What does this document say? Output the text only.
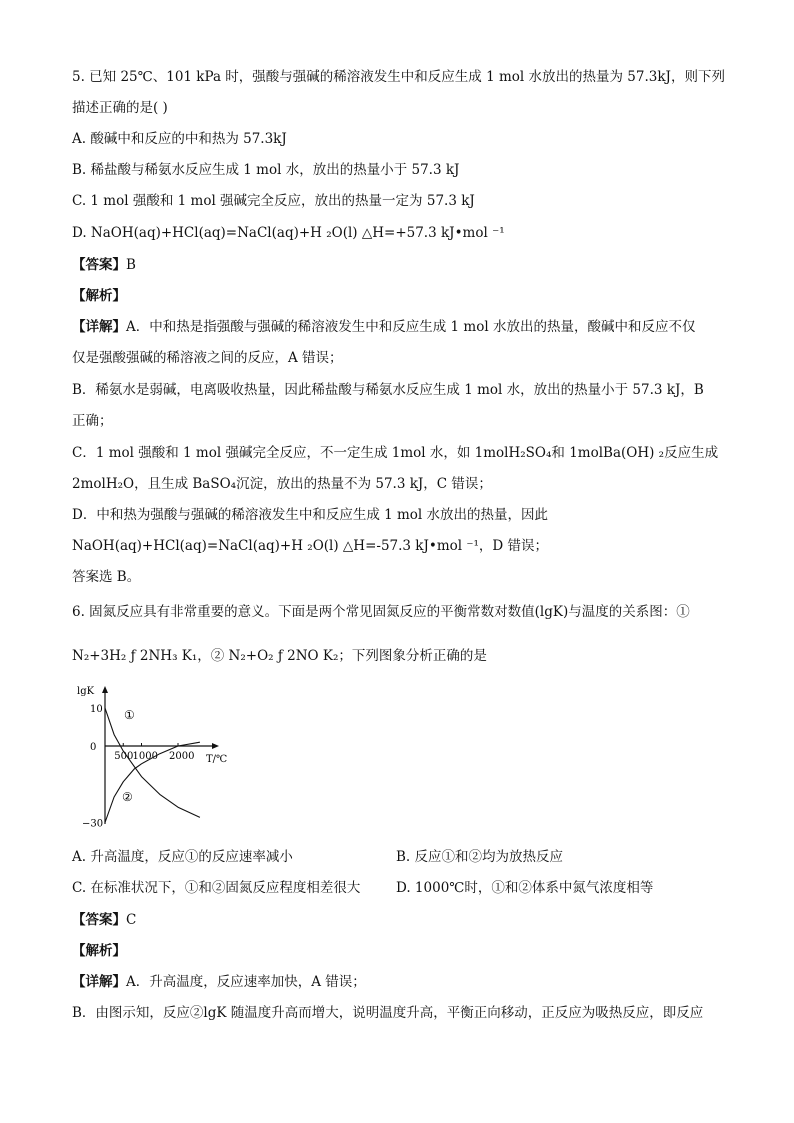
5. 已知 25℃、101 kPa 时，强酸与强碱的稀溶液发生中和反应生成 1 mol 水放出的热量为 57.3kJ，则下列
描述正确的是( )
A. 酸碱中和反应的中和热为 57.3kJ
B. 稀盐酸与稀氨水反应生成 1 mol 水，放出的热量小于 57.3 kJ
C. 1 mol 强酸和 1 mol 强碱完全反应，放出的热量一定为 57.3 kJ
D. NaOH(aq)+HCl(aq)=NaCl(aq)+H ₂O(l) △H=+57.3 kJ•mol ⁻¹
【答案】B
【解析】
【详解】A．中和热是指强酸与强碱的稀溶液发生中和反应生成 1 mol 水放出的热量，酸碱中和反应不仅
仅是强酸强碱的稀溶液之间的反应，A 错误；
B．稀氨水是弱碱，电离吸收热量，因此稀盐酸与稀氨水反应生成 1 mol 水，放出的热量小于 57.3 kJ，B
正确；
C．1 mol 强酸和 1 mol 强碱完全反应，不一定生成 1mol 水，如 1molH₂SO₄和 1molBa(OH) ₂反应生成
2molH₂O，且生成 BaSO₄沉淀，放出的热量不为 57.3 kJ，C 错误；
D．中和热为强酸与强碱的稀溶液发生中和反应生成 1 mol 水放出的热量，因此
NaOH(aq)+HCl(aq)=NaCl(aq)+H ₂O(l) △H=-57.3 kJ•mol ⁻¹，D 错误；
答案选 B。
6. 固氮反应具有非常重要的意义。下面是两个常见固氮反应的平衡常数对数值(lgK)与温度的关系图：①
N₂+3H₂ ƒ 2NH₃ K₁，② N₂+O₂ ƒ 2NO K₂；下列图象分析正确的是
lgK
T/℃
500 1000 2000
10
0
−30
①
②
A. 升高温度，反应①的反应速率减小	B. 反应①和②均为放热反应
C. 在标准状况下，①和②固氮反应程度相差很大	D. 1000℃时，①和②体系中氮气浓度相等
【答案】C
【解析】
【详解】A．升高温度，反应速率加快，A 错误；
B．由图示知，反应②lgK 随温度升高而增大，说明温度升高，平衡正向移动，正反应为吸热反应，即反应
